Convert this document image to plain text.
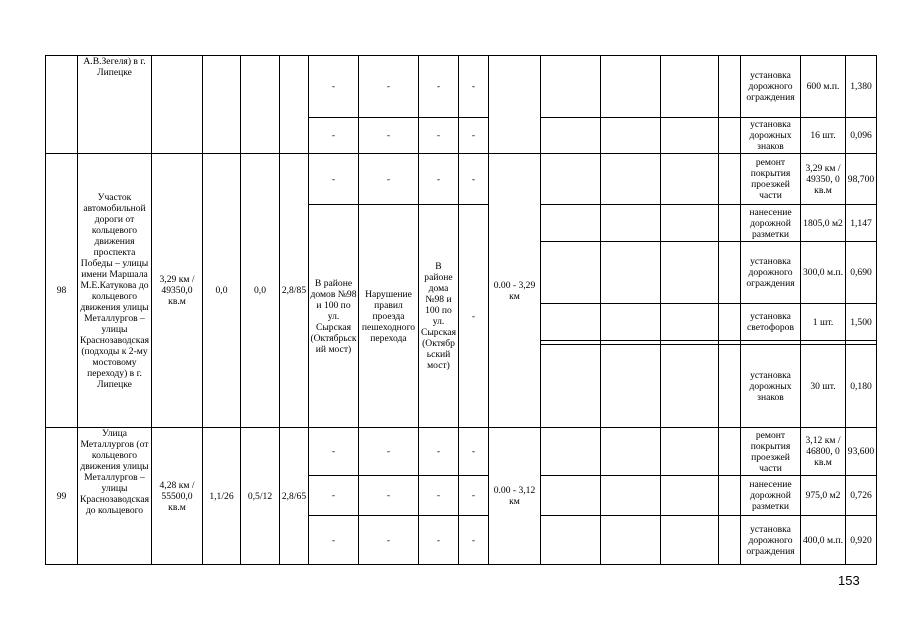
	А.В.Зегеля) в г. Липецке					-	-	-	-						установка дорожного ограждения	600 м.п.	1,380
						-	-	-	-						установка дорожных знаков	16 шт.	0,096
98	Участок автомобильной дороги от кольцевого движения проспекта Победы – улицы имени Маршала М.Е.Катукова до кольцевого движения улицы Металлургов – улицы Краснозаводская (подходы к 2-му мостовому переходу) в г. Липецке	3,29 км / 49350,0 кв.м	0,0	0,0	2,8/85	-	-	-	-	0.00 - 3,29 км					ремонт покрытия проезжей части	3,29 км / 49350, 0 кв.м	98,700
						В районе домов №98 и 100 по ул. Сырская (Октябрьский мост)	Нарушение правил проезда пешеходного перехода	В районе дома №98 и 100 по ул. Сырская (Октябрьский мост)	-						нанесение дорожной разметки	1805,0 м2	1,147
															установка дорожного ограждения	300,0 м.п.	0,690
															установка светофоров	1 шт.	1,500

															установка дорожных знаков	30 шт.	0,180
99	Улица Металлургов (от кольцевого движения улицы Металлургов – улицы Краснозаводская до кольцевого	4,28 км / 55500,0 кв.м	1,1/26	0,5/12	2,8/65	-	-	-	-	0.00 - 3,12 км					ремонт покрытия проезжей части	3,12 км / 46800, 0 кв.м	93,600
						-	-	-	-						нанесение дорожной разметки	975,0 м2	0,726
						-	-	-	-						установка дорожного ограждения	400,0 м.п.	0,920
153
